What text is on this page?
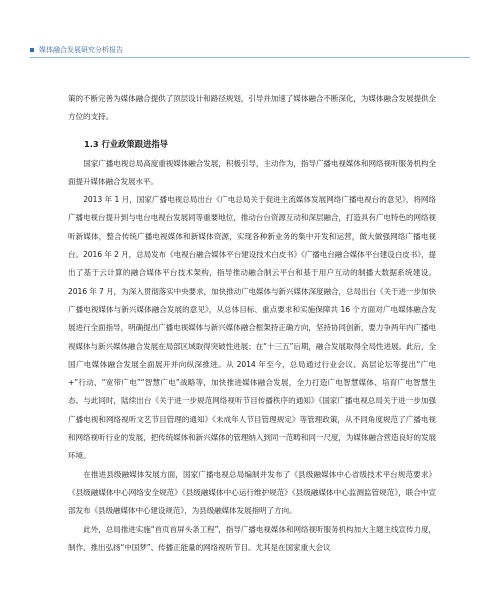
媒体融合发展研究分析报告

策的不断完善为媒体融合提供了顶层设计和路径规划，引导并加速了媒体融合不断深化，为媒体融合发展提供全方位的支持。

1.3 行业政策跟进指导

国家广播电视总局高度重视媒体融合发展，积极引导，主动作为，指导广播电视媒体和网络视听服务机构全面提升媒体融合发展水平。

2013 年 1 月，国家广播电视总局出台《广电总局关于促进主流媒体发展网络广播电视台的意见》，将网络广播电视台提升到与电台电视台发展同等重要地位，推动台台资源互动和深层融合，打造具有广电特色的网络视听新媒体，整合传统广播电视媒体和新媒体资源，实现各种新业务的集中开发和运营，做大做强网络广播电视台。2016 年 2 月，总局发布《电视台融合媒体平台建设技术白皮书》《广播电台融合媒体平台建设白皮书》，提出了基于云计算的融合媒体平台技术架构，指导推动融合制云平台和基于用户互动的制播大数据系统建设。2016 年 7 月，为深入贯彻落实中央要求，加快推动广电媒体与新兴媒体深度融合，总局出台《关于进一步加快广播电视媒体与新兴媒体融合发展的意见》，从总体目标、重点要求和实施保障共 16 个方面对广电媒体融合发展进行全面指导，明确提出广播电视媒体与新兴媒体融合框架持正确方向，坚持协同创新，要力争两年内广播电视媒体与新兴媒体融合发展在局部区域取得突破性进展；在“十三五”后期，融合发展取得全局性进展。此后，全国广电媒体融合发展全面展开并向纵深推进。从 2014 年至今，总局通过行业会议、高层论坛等提出“广电 +”行动、“宽带广电”“智慧广电”战略等，加快推进媒体融合发展，全力打造广电智慧媒体、培育广电智慧生态。与此同时，陆续出台《关于进一步规范网络视听节目传播秩序的通知》《国家广播电视总局关于进一步加强广播电视和网络视听文艺节目管理的通知》《未成年人节目管理规定》等管理政策，从不同角度规范了广播电视和网络视听行业的发展，把传统媒体和新兴媒体的管理纳入到同一范畴和同一尺度，为媒体融合营造良好的发展环境。

在推进县级融媒体发展方面，国家广播电视总局编制并发布了《县级融媒体中心省级技术平台规范要求》《县级融媒体中心网络安全规范》《县级融媒体中心运行维护规范》《县级融媒体中心监测监管规范》，联合中宣部发布《县级融媒体中心建设规范》，为县级融媒体发展指明了方向。

此外，总局推进实施“首页首屏头条工程”，指导广播电视媒体和网络视听服务机构加大主题主线宣传力度，制作、推出弘扬“中国梦”、传播正能量的网络视听节目。尤其是在国家重大会议
